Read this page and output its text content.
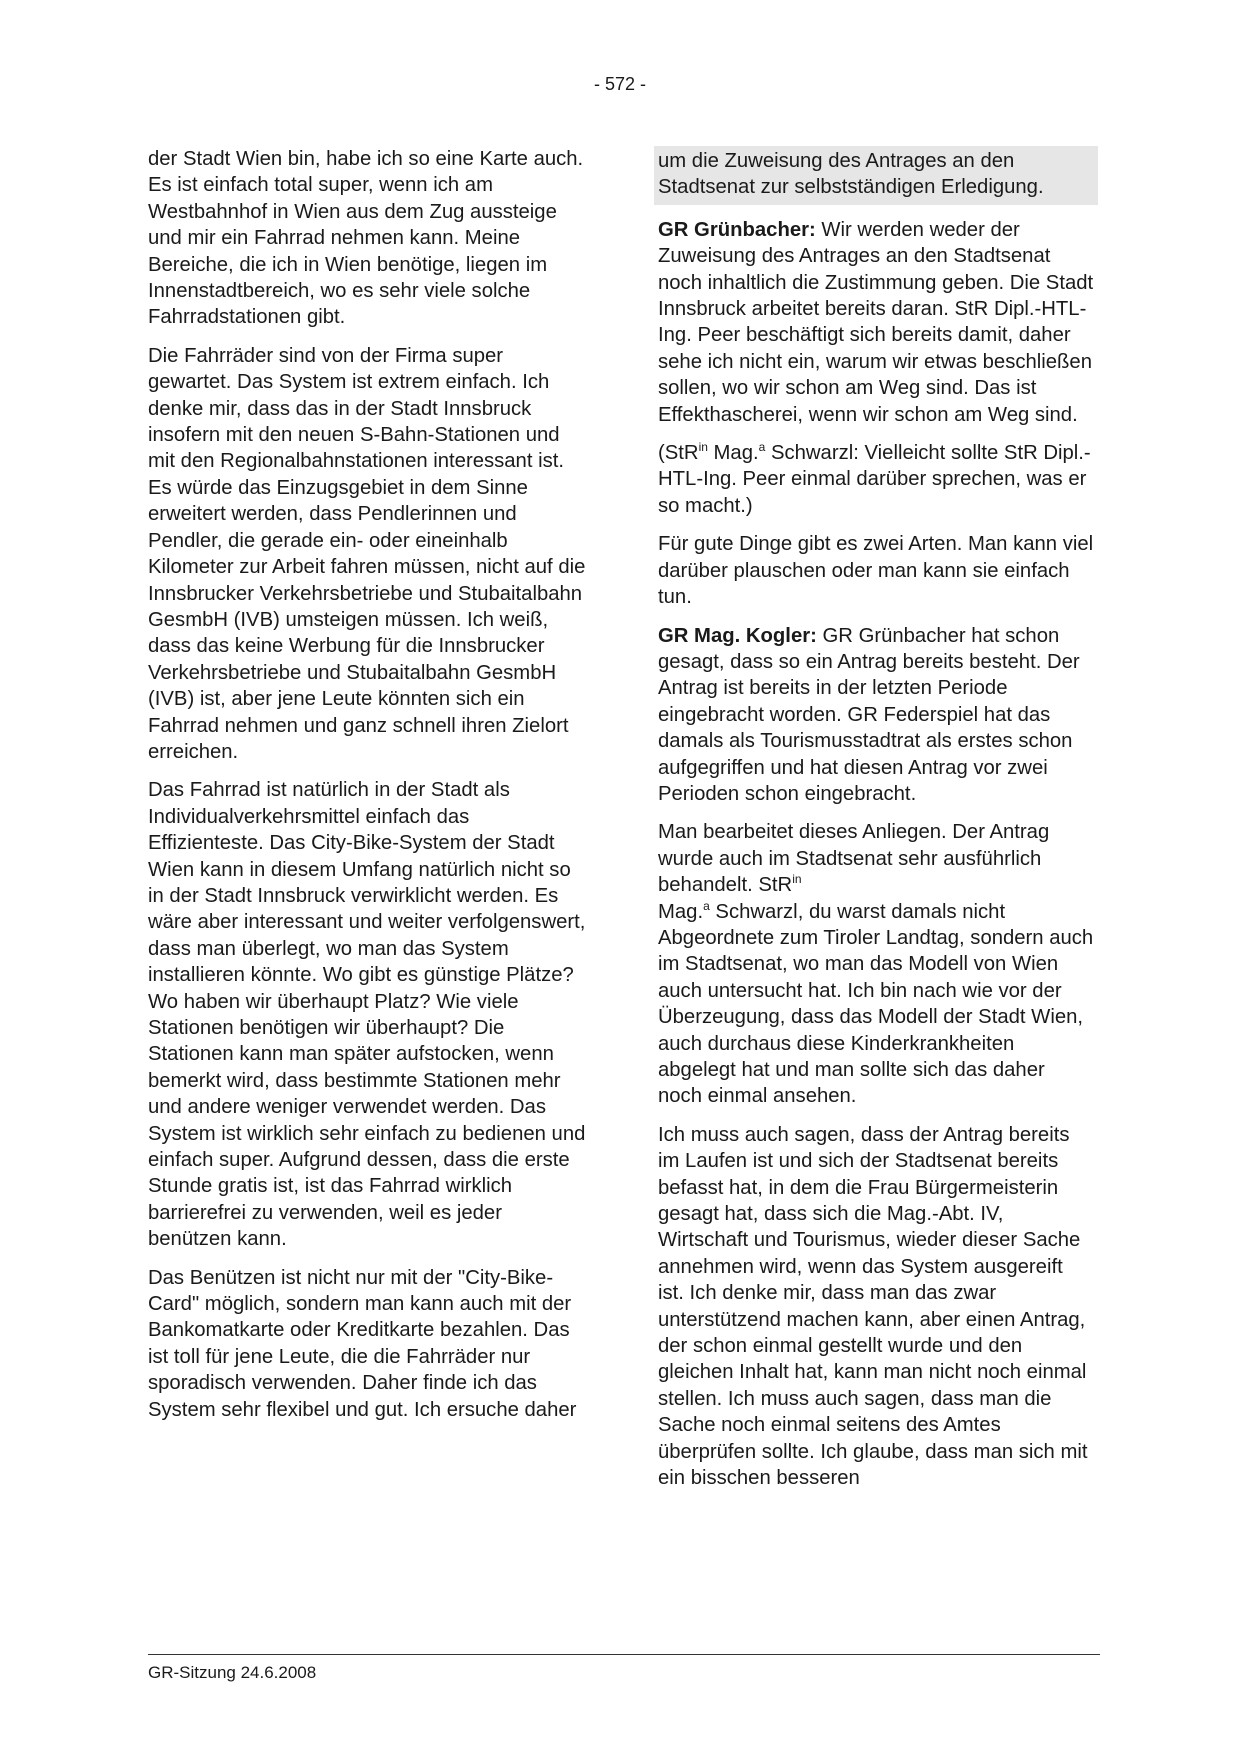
- 572 -

der Stadt Wien bin, habe ich so eine Karte auch. Es ist einfach total super, wenn ich am Westbahnhof in Wien aus dem Zug aussteige und mir ein Fahrrad nehmen kann. Meine Bereiche, die ich in Wien benötige, liegen im Innenstadtbereich, wo es sehr viele solche Fahrradstationen gibt.

Die Fahrräder sind von der Firma super gewartet. Das System ist extrem einfach. Ich denke mir, dass das in der Stadt Innsbruck insofern mit den neuen S-Bahn-Stationen und mit den Regionalbahnstationen interessant ist. Es würde das Einzugsgebiet in dem Sinne erweitert werden, dass Pendlerinnen und Pendler, die gerade ein- oder eineinhalb Kilometer zur Arbeit fahren müssen, nicht auf die Innsbrucker Verkehrsbetriebe und Stubaitalbahn GesmbH (IVB) umsteigen müssen. Ich weiß, dass das keine Werbung für die Innsbrucker Verkehrsbetriebe und Stubaitalbahn GesmbH (IVB) ist, aber jene Leute könnten sich ein Fahrrad nehmen und ganz schnell ihren Zielort erreichen.

Das Fahrrad ist natürlich in der Stadt als Individualverkehrsmittel einfach das Effizienteste. Das City-Bike-System der Stadt Wien kann in diesem Umfang natürlich nicht so in der Stadt Innsbruck verwirklicht werden. Es wäre aber interessant und weiter verfolgenswert, dass man überlegt, wo man das System installieren könnte. Wo gibt es günstige Plätze? Wo haben wir überhaupt Platz? Wie viele Stationen benötigen wir überhaupt? Die Stationen kann man später aufstocken, wenn bemerkt wird, dass bestimmte Stationen mehr und andere weniger verwendet werden. Das System ist wirklich sehr einfach zu bedienen und einfach super. Aufgrund dessen, dass die erste Stunde gratis ist, ist das Fahrrad wirklich barrierefrei zu verwenden, weil es jeder benützen kann.

Das Benützen ist nicht nur mit der "City-Bike-Card" möglich, sondern man kann auch mit der Bankomatkarte oder Kreditkarte bezahlen. Das ist toll für jene Leute, die die Fahrräder nur sporadisch verwenden. Daher finde ich das System sehr flexibel und gut. Ich ersuche daher

um die Zuweisung des Antrages an den Stadtsenat zur selbstständigen Erledigung.

GR Grünbacher: Wir werden weder der Zuweisung des Antrages an den Stadtsenat noch inhaltlich die Zustimmung geben. Die Stadt Innsbruck arbeitet bereits daran. StR Dipl.-HTL-Ing. Peer beschäftigt sich bereits damit, daher sehe ich nicht ein, warum wir etwas beschließen sollen, wo wir schon am Weg sind. Das ist Effekthascherei, wenn wir schon am Weg sind.

(StR$^{in}$ Mag.$^a$ Schwarzl: Vielleicht sollte StR Dipl.-HTL-Ing. Peer einmal darüber sprechen, was er so macht.)

Für gute Dinge gibt es zwei Arten. Man kann viel darüber plauschen oder man kann sie einfach tun.

GR Mag. Kogler: GR Grünbacher hat schon gesagt, dass so ein Antrag bereits besteht. Der Antrag ist bereits in der letzten Periode eingebracht worden. GR Federspiel hat das damals als Tourismusstadtrat als erstes schon aufgegriffen und hat diesen Antrag vor zwei Perioden schon eingebracht.

Man bearbeitet dieses Anliegen. Der Antrag wurde auch im Stadtsenat sehr ausführlich behandelt. StR$^{in}$
Mag.$^a$ Schwarzl, du warst damals nicht Abgeordnete zum Tiroler Landtag, sondern auch im Stadtsenat, wo man das Modell von Wien auch untersucht hat. Ich bin nach wie vor der Überzeugung, dass das Modell der Stadt Wien, auch durchaus diese Kinderkrankheiten abgelegt hat und man sollte sich das daher noch einmal ansehen.

Ich muss auch sagen, dass der Antrag bereits im Laufen ist und sich der Stadtsenat bereits befasst hat, in dem die Frau Bürgermeisterin gesagt hat, dass sich die Mag.-Abt. IV, Wirtschaft und Tourismus, wieder dieser Sache annehmen wird, wenn das System ausgereift ist. Ich denke mir, dass man das zwar unterstützend machen kann, aber einen Antrag, der schon einmal gestellt wurde und den gleichen Inhalt hat, kann man nicht noch einmal stellen. Ich muss auch sagen, dass man die Sache noch einmal seitens des Amtes überprüfen sollte. Ich glaube, dass man sich mit ein bisschen besseren

GR-Sitzung 24.6.2008
